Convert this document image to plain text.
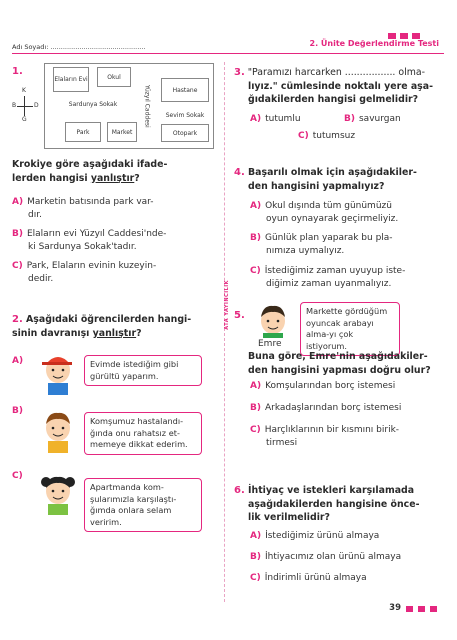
Adı Soyadı: ..............................................	2. Ünite Değerlendirme Testi
ATA YAYINCILIK
1.
K
G
B	D
Elaların Evi	Okul
Hastane
Sardunya Sokak	Yüzyıl Caddesi	Sevim Sokak
Park	Market	Otopark
Krokiye göre aşağıdaki ifade-
lerden hangisi yanlıştır?
A) Marketin batısında park var-
dır.
B) Elaların evi Yüzyıl Caddesi'nde-
ki Sardunya Sokak'tadır.
C) Park, Elaların evinin kuzeyin-
dedir.
2. Aşağıdaki öğrencilerden hangi-
sinin davranışı yanlıştır?
A)	Evimde istediğim gibi gürültü yaparım.
B)
Komşumuz hastalandı-ğında onu rahatsız et-memeye dikkat ederim.
C)
Apartmanda kom-şularımızla karşılaştı-ğımda onlara selam veririm.
3. "Paramızı harcarken ................. olma-
lıyız." cümlesinde noktalı yere aşa-
ğıdakilerden hangisi gelmelidir?
A) tutumlu	B) savurgan
C) tutumsuz
4. Başarılı olmak için aşağıdakiler-
den hangisini yapmalıyız?
A) Okul dışında tüm günümüzü
oyun oynayarak geçirmeliyiz.
B) Günlük plan yaparak bu pla-
nımıza uymalıyız.
C) İstediğimiz zaman uyuyup iste-
diğimiz zaman uyanmalıyız.
5.	Markette gördüğüm oyuncak arabayı alma-yı çok istiyorum.
Emre
Buna göre, Emre'nin aşağıdakiler-
den hangisini yapması doğru olur?
A) Komşularından borç istemesi
B) Arkadaşlarından borç istemesi
C) Harçlıklarının bir kısmını birik-
tirmesi
6. İhtiyaç ve istekleri karşılamada
aşağıdakilerden hangisine önce-
lik verilmelidir?
A) İstediğimiz ürünü almaya
B) İhtiyacımız olan ürünü almaya
C) İndirimli ürünü almaya
39
